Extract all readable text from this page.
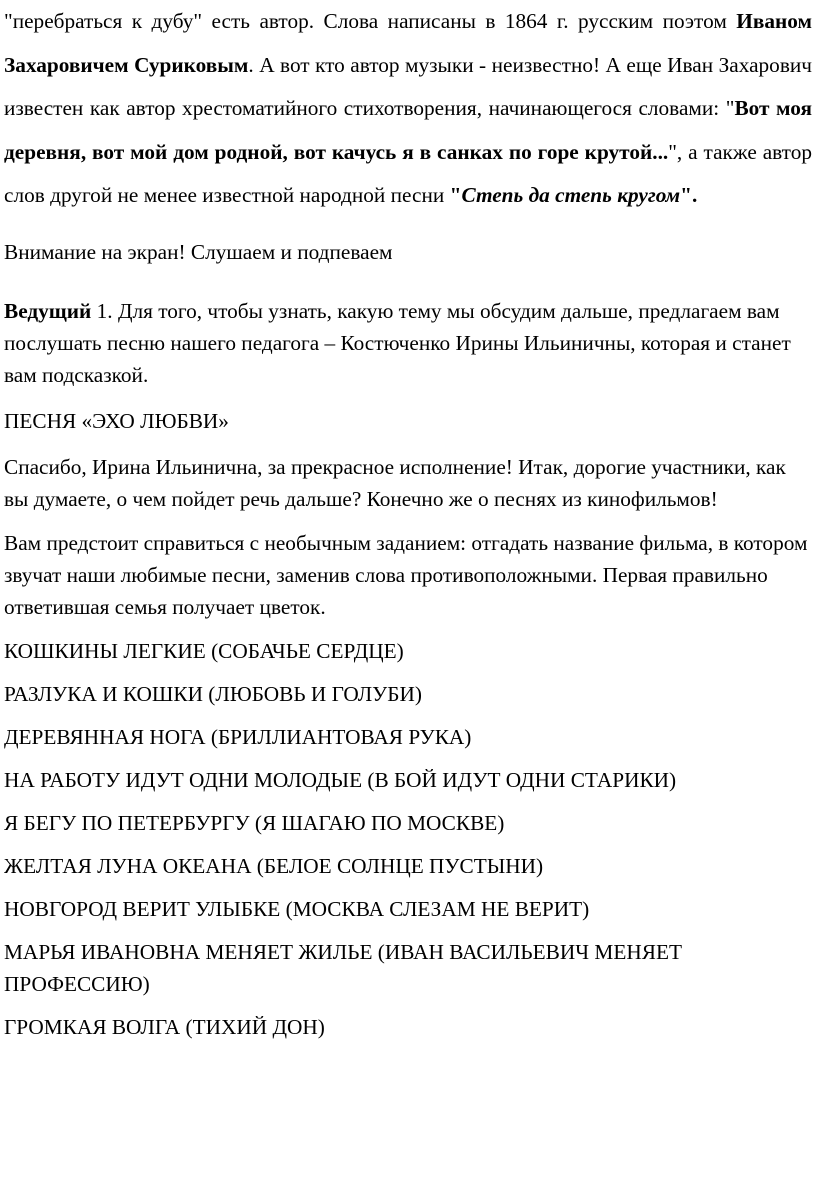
"перебраться к дубу" есть автор. Слова написаны в 1864 г. русским поэтом Иваном Захаровичем Суриковым. А вот кто автор музыки - неизвестно! А еще Иван Захарович известен как автор хрестоматийного стихотворения, начинающегося словами: "Вот моя деревня, вот мой дом родной, вот качусь я в санках по горе крутой...", а также автор слов другой не менее известной народной песни "Степь да степь кругом".

Внимание на экран! Слушаем и подпеваем

Ведущий 1. Для того, чтобы узнать, какую тему мы обсудим дальше, предлагаем вам послушать песню нашего педагога – Костюченко Ирины Ильиничны, которая и станет вам подсказкой.

ПЕСНЯ «ЭХО ЛЮБВИ»

Спасибо, Ирина Ильинична, за прекрасное исполнение! Итак, дорогие участники, как вы думаете, о чем пойдет речь дальше? Конечно же о песнях из кинофильмов!

Вам предстоит справиться с необычным заданием: отгадать название фильма, в котором звучат наши любимые песни, заменив слова противоположными. Первая правильно ответившая семья получает цветок.

КОШКИНЫ ЛЕГКИЕ (СОБАЧЬЕ СЕРДЦЕ)
РАЗЛУКА И КОШКИ (ЛЮБОВЬ И ГОЛУБИ)
ДЕРЕВЯННАЯ НОГА (БРИЛЛИАНТОВАЯ РУКА)
НА РАБОТУ ИДУТ ОДНИ МОЛОДЫЕ (В БОЙ ИДУТ ОДНИ СТАРИКИ)
Я БЕГУ ПО ПЕТЕРБУРГУ (Я ШАГАЮ ПО МОСКВЕ)
ЖЕЛТАЯ ЛУНА ОКЕАНА (БЕЛОЕ СОЛНЦЕ ПУСТЫНИ)
НОВГОРОД ВЕРИТ УЛЫБКЕ (МОСКВА СЛЕЗАМ НЕ ВЕРИТ)
МАРЬЯ ИВАНОВНА МЕНЯЕТ ЖИЛЬЕ (ИВАН ВАСИЛЬЕВИЧ МЕНЯЕТ ПРОФЕССИЮ)
ГРОМКАЯ ВОЛГА (ТИХИЙ ДОН)
